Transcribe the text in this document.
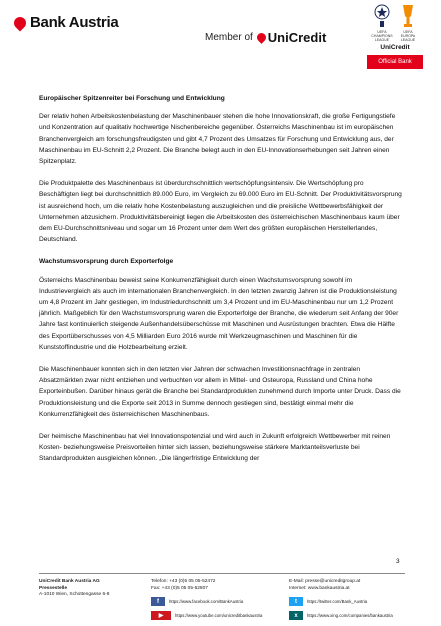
Bank Austria
Member of UniCredit	UEFA CHAMPIONS LEAGUE
UEFA EUROPA LEAGUE
UniCredit
Official Bank
Europäischer Spitzenreiter bei Forschung und Entwicklung

Der relativ hohen Arbeitskostenbelastung der Maschinenbauer stehen die hohe Innovationskraft, die große Fertigungstiefe und Konzentration auf qualitativ hochwertige Nischenbereiche gegenüber. Österreichs Maschinenbau ist im europäischen Branchenvergleich am forschungsfreudigsten und gibt 4,7 Prozent des Umsatzes für Forschung und Entwicklung aus, der Maschinenbau im EU-Schnitt 2,2 Prozent. Die Branche belegt auch in den EU-Innovationserhebungen seit Jahren einen Spitzenplatz.

Die Produktpalette des Maschinenbaus ist überdurchschnittlich wertschöpfungsintensiv. Die Wertschöpfung pro Beschäftigten liegt bei durchschnittlich 89.000 Euro, im Vergleich zu 69.000 Euro im EU-Schnitt. Der Produktivitätsvorsprung ist ausreichend hoch, um die relativ hohe Kostenbelastung auszugleichen und die preisliche Wettbewerbsfähigkeit der Unternehmen abzusichern. Produktivitätsbereinigt liegen die Arbeitskosten des österreichischen Maschinenbaus kaum über dem EU-Durchschnittsniveau und sogar um 16 Prozent unter dem Wert des größten europäischen Herstellerlandes, Deutschland.

Wachstumsvorsprung durch Exporterfolge

Österreichs Maschinenbau beweist seine Konkurrenzfähigkeit durch einen Wachstumsvorsprung sowohl im Industrievergleich als auch im internationalen Branchenvergleich. In den letzten zwanzig Jahren ist die Produktionsleistung um 4,8 Prozent im Jahr gestiegen, im Industriedurchschnitt um 3,4 Prozent und im EU-Maschinenbau nur um 1,2 Prozent jährlich. Maßgeblich für den Wachstumsvorsprung waren die Exporterfolge der Branche, die wiederum seit Anfang der 90er Jahre fast kontinuierlich steigende Außenhandelsüberschüsse mit Maschinen und Ausrüstungen brachten. Etwa die Hälfte des Exportüberschusses von 4,5 Milliarden Euro 2016 wurde mit Werkzeugmaschinen und Maschinen für die Kunststoffindustrie und die Holzbearbeitung erzielt.

Die Maschinenbauer konnten sich in den letzten vier Jahren der schwachen Investitionsnachfrage in zentralen Absatzmärkten zwar nicht entziehen und verbuchten vor allem in Mittel- und Osteuropa, Russland und China hohe Exporteinbußen. Darüber hinaus gerät die Branche bei Standardprodukten zunehmend durch Importe unter Druck. Dass die Produktionsleistung und die Exporte seit 2013 in Summe dennoch gestiegen sind, bestätigt einmal mehr die Konkurrenzfähigkeit des österreichischen Maschinenbaus.

Der heimische Maschinenbau hat viel Innovationspotenzial und wird auch in Zukunft erfolgreich Wettbewerber mit reinen Kosten- beziehungsweise Preisvorteilen hinter sich lassen, beziehungsweise stärkere Marktanteilsverluste bei Standardprodukten ausgleichen können. „Die längerfristige Entwicklung der

3
UniCredit Bank Austria AG
Pressestelle
A-1010 Wien, Schottengasse 6-8
Telefon: +43 (0)5 05 05-52472
Fax: +43 (0)5 05 05-52807
E-Mail: presse@unicreditgroup.at
Internet: www.bankaustria.at
f	https://www.facebook.com/BankAustria	t	https://twitter.com/Bank_Austria
▶	https://www.youtube.com/unicreditbankaustria	x	https://www.xing.com/companies/bankaustria
